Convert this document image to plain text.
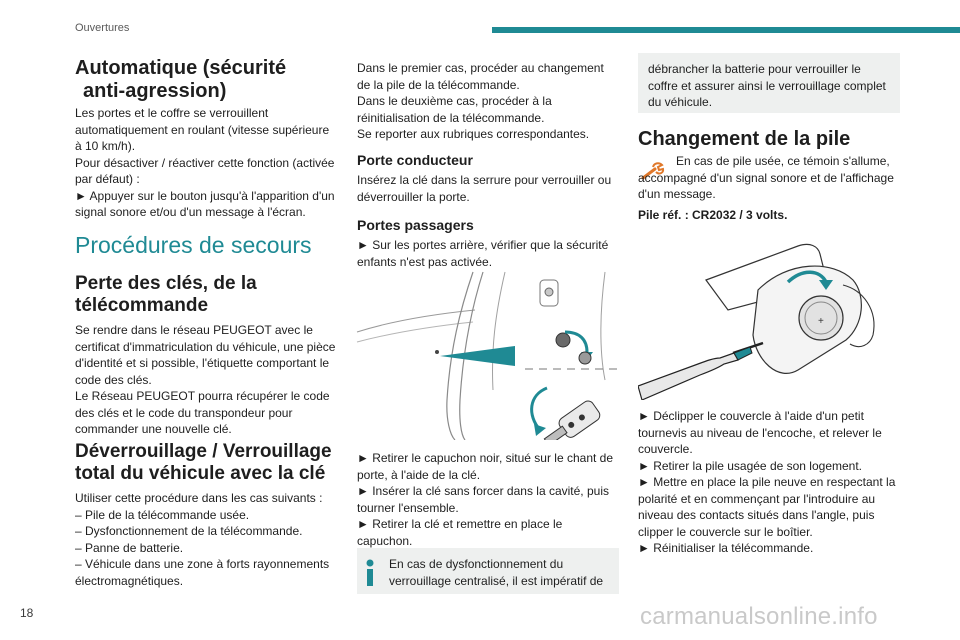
Ouvertures

Automatique (sécurité

anti-agression)

Les portes et le coffre se verrouillent automatiquement en roulant (vitesse supérieure à 10 km/h).

Pour désactiver / réactiver cette fonction (activée par défaut) :

► Appuyer sur le bouton jusqu'à l'apparition d'un signal sonore et/ou d'un message à l'écran.

Procédures de secours

Perte des clés, de la télécommande

Se rendre dans le réseau PEUGEOT avec le certificat d'immatriculation du véhicule, une pièce d'identité et si possible, l'étiquette comportant le code des clés.

Le Réseau PEUGEOT pourra récupérer le code des clés et le code du transpondeur pour commander une nouvelle clé.

Déverrouillage / Verrouillage total du véhicule avec la clé

Utiliser cette procédure dans les cas suivants :

– Pile de la télécommande usée.

– Dysfonctionnement de la télécommande.

– Panne de batterie.

– Véhicule dans une zone à forts rayonnements électromagnétiques.

Dans le premier cas, procéder au changement de la pile de la télécommande.

Dans le deuxième cas, procéder à la réinitialisation de la télécommande.

Se reporter aux rubriques correspondantes.

Porte conducteur

Insérez la clé dans la serrure pour verrouiller ou déverrouiller la porte.

Portes passagers

► Sur les portes arrière, vérifier que la sécurité enfants n'est pas activée.

► Retirer le capuchon noir, situé sur le chant de porte, à l'aide de la clé.

► Insérer la clé sans forcer dans la cavité, puis tourner l'ensemble.

► Retirer la clé et remettre en place le capuchon.

En cas de dysfonctionnement du verrouillage centralisé, il est impératif de

débrancher la batterie pour verrouiller le coffre et assurer ainsi le verrouillage complet du véhicule.

Changement de la pile

En cas de pile usée, ce témoin s'allume, accompagné d'un signal sonore et de l'affichage d'un message.

Pile réf. : CR2032 / 3 volts.

+

► Déclipper le couvercle à l'aide d'un petit tournevis au niveau de l'encoche, et relever le couvercle.

► Retirer la pile usagée de son logement.

► Mettre en place la pile neuve en respectant la polarité et en commençant par l'introduire au niveau des contacts situés dans l'angle, puis clipper le couvercle sur le boîtier.

► Réinitialiser la télécommande.

18	carmanualsonline.info
